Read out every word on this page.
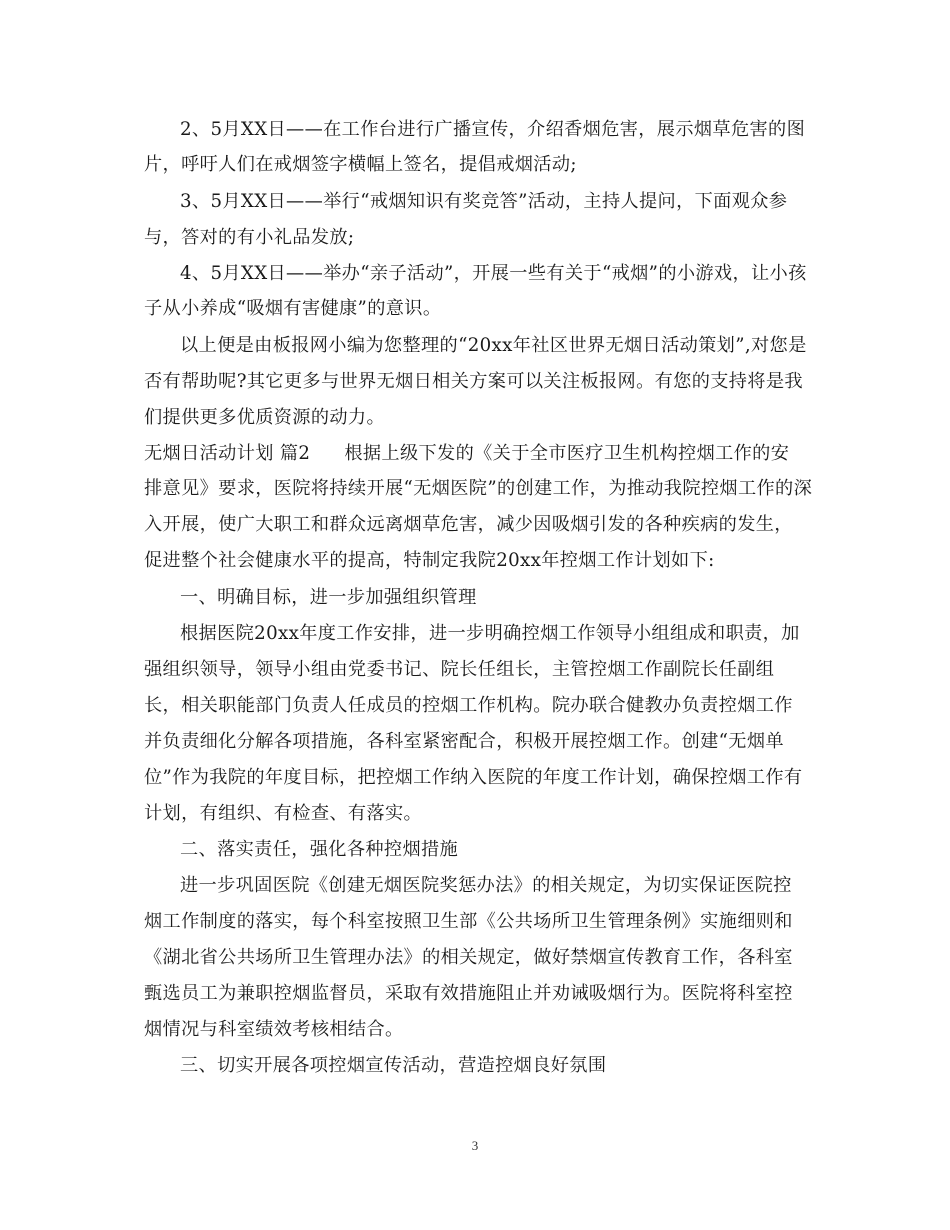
2、5月XX日——在工作台进行广播宣传，介绍香烟危害，展示烟草危害的图
片，呼吁人们在戒烟签字横幅上签名，提倡戒烟活动;
3、5月XX日——举行“戒烟知识有奖竞答”活动，主持人提问，下面观众参
与，答对的有小礼品发放;
4、5月XX日——举办“亲子活动”，开展一些有关于“戒烟”的小游戏，让小孩
子从小养成“吸烟有害健康”的意识。
以上便是由板报网小编为您整理的“20xx年社区世界无烟日活动策划”,对您是
否有帮助呢?其它更多与世界无烟日相关方案可以关注板报网。有您的支持将是我
们提供更多优质资源的动力。
无烟日活动计划 篇2 根据上级下发的《关于全市医疗卫生机构控烟工作的安
排意见》要求，医院将持续开展“无烟医院”的创建工作，为推动我院控烟工作的深
入开展，使广大职工和群众远离烟草危害，减少因吸烟引发的各种疾病的发生，
促进整个社会健康水平的提高，特制定我院20xx年控烟工作计划如下:
一、明确目标，进一步加强组织管理
根据医院20xx年度工作安排，进一步明确控烟工作领导小组组成和职责，加
强组织领导，领导小组由党委书记、院长任组长，主管控烟工作副院长任副组
长，相关职能部门负责人任成员的控烟工作机构。院办联合健教办负责控烟工作
并负责细化分解各项措施，各科室紧密配合，积极开展控烟工作。创建“无烟单
位”作为我院的年度目标，把控烟工作纳入医院的年度工作计划，确保控烟工作有
计划，有组织、有检查、有落实。
二、落实责任，强化各种控烟措施
进一步巩固医院《创建无烟医院奖惩办法》的相关规定，为切实保证医院控
烟工作制度的落实，每个科室按照卫生部《公共场所卫生管理条例》实施细则和
《湖北省公共场所卫生管理办法》的相关规定，做好禁烟宣传教育工作，各科室
甄选员工为兼职控烟监督员，采取有效措施阻止并劝诫吸烟行为。医院将科室控
烟情况与科室绩效考核相结合。
三、切实开展各项控烟宣传活动，营造控烟良好氛围
3
